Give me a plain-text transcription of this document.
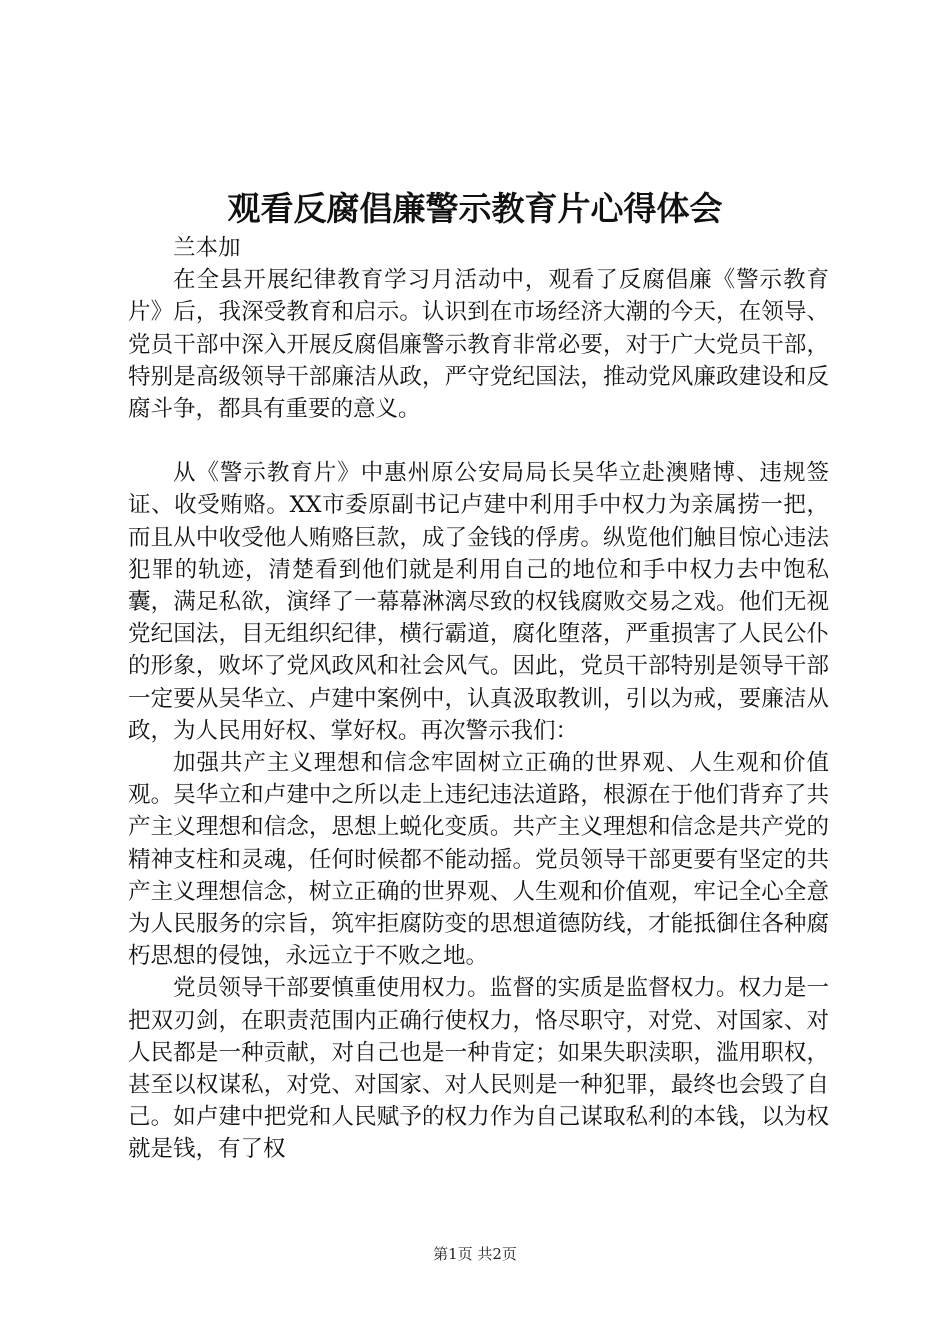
观看反腐倡廉警示教育片心得体会

兰本加

在全县开展纪律教育学习月活动中，观看了反腐倡廉《警示教育片》后，我深受教育和启示。认识到在市场经济大潮的今天，在领导、党员干部中深入开展反腐倡廉警示教育非常必要，对于广大党员干部，特别是高级领导干部廉洁从政，严守党纪国法，推动党风廉政建设和反腐斗争，都具有重要的意义。

从《警示教育片》中惠州原公安局局长吴华立赴澳赌博、违规签证、收受贿赂。XX市委原副书记卢建中利用手中权力为亲属捞一把，而且从中收受他人贿赂巨款，成了金钱的俘虏。纵览他们触目惊心违法犯罪的轨迹，清楚看到他们就是利用自己的地位和手中权力去中饱私囊，满足私欲，演绎了一幕幕淋漓尽致的权钱腐败交易之戏。他们无视党纪国法，目无组织纪律，横行霸道，腐化堕落，严重损害了人民公仆的形象，败坏了党风政风和社会风气。因此，党员干部特别是领导干部一定要从吴华立、卢建中案例中，认真汲取教训，引以为戒，要廉洁从政，为人民用好权、掌好权。再次警示我们：

加强共产主义理想和信念牢固树立正确的世界观、人生观和价值观。吴华立和卢建中之所以走上违纪违法道路，根源在于他们背弃了共产主义理想和信念，思想上蜕化变质。共产主义理想和信念是共产党的精神支柱和灵魂，任何时候都不能动摇。党员领导干部更要有坚定的共产主义理想信念，树立正确的世界观、人生观和价值观，牢记全心全意为人民服务的宗旨，筑牢拒腐防变的思想道德防线，才能抵御住各种腐朽思想的侵蚀，永远立于不败之地。

党员领导干部要慎重使用权力。监督的实质是监督权力。权力是一把双刃剑，在职责范围内正确行使权力，恪尽职守，对党、对国家、对人民都是一种贡献，对自己也是一种肯定；如果失职渎职，滥用职权，甚至以权谋私，对党、对国家、对人民则是一种犯罪，最终也会毁了自己。如卢建中把党和人民赋予的权力作为自己谋取私利的本钱，以为权就是钱，有了权

第1页 共2页
